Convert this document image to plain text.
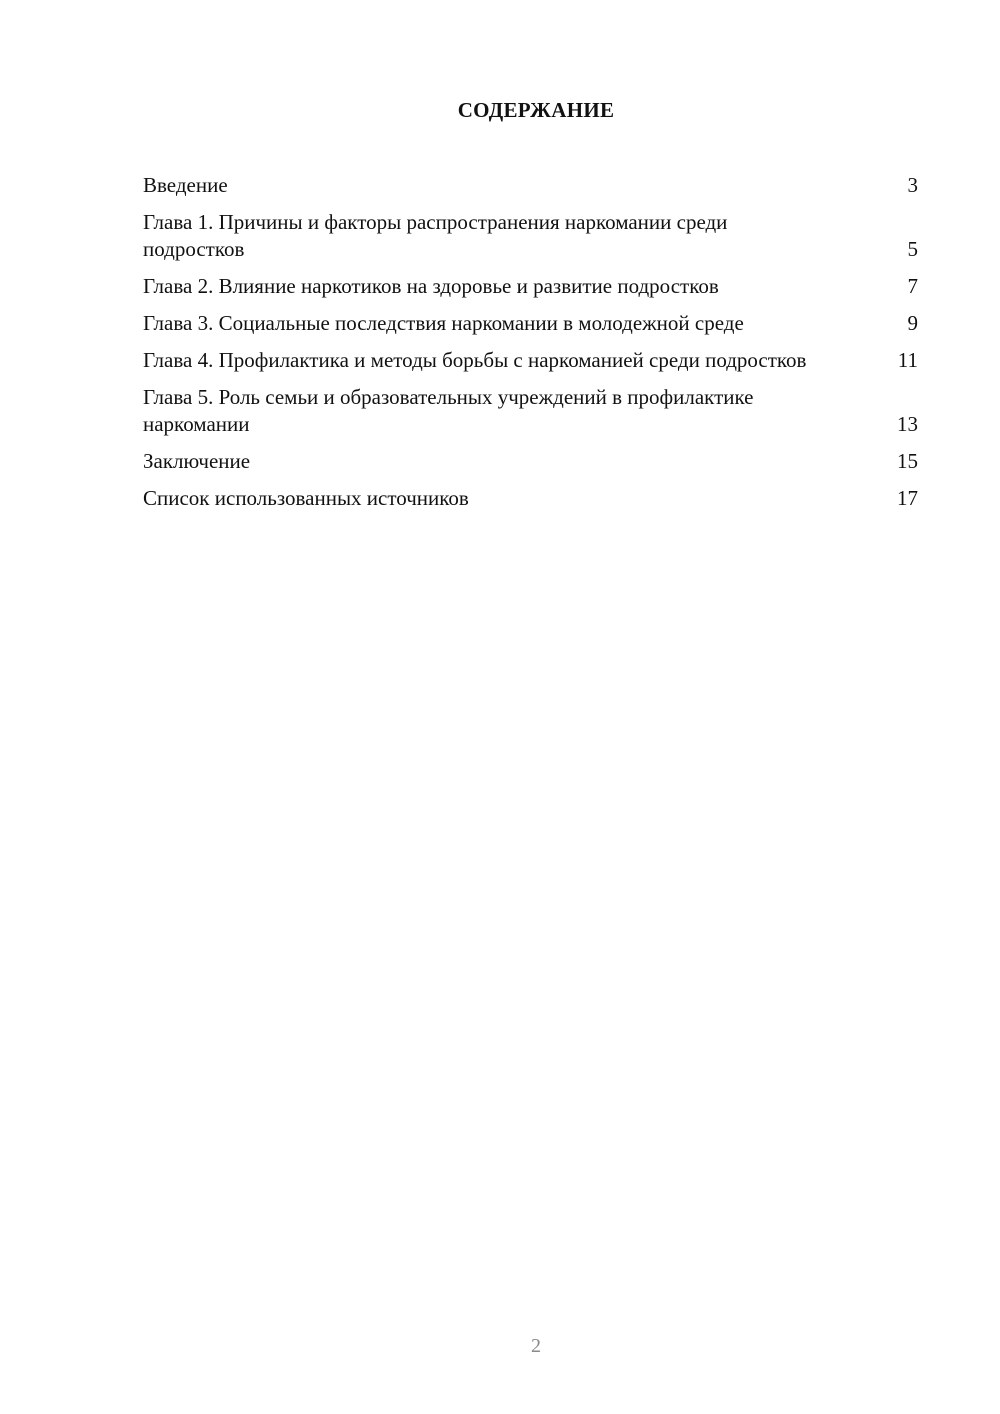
СОДЕРЖАНИЕ
Введение	3
Глава 1. Причины и факторы распространения наркомании среди подростков	5
Глава 2. Влияние наркотиков на здоровье и развитие подростков	7
Глава 3. Социальные последствия наркомании в молодежной среде	9
Глава 4. Профилактика и методы борьбы с наркоманией среди подростков	11
Глава 5. Роль семьи и образовательных учреждений в профилактике наркомании	13
Заключение	15
Список использованных источников	17
2
